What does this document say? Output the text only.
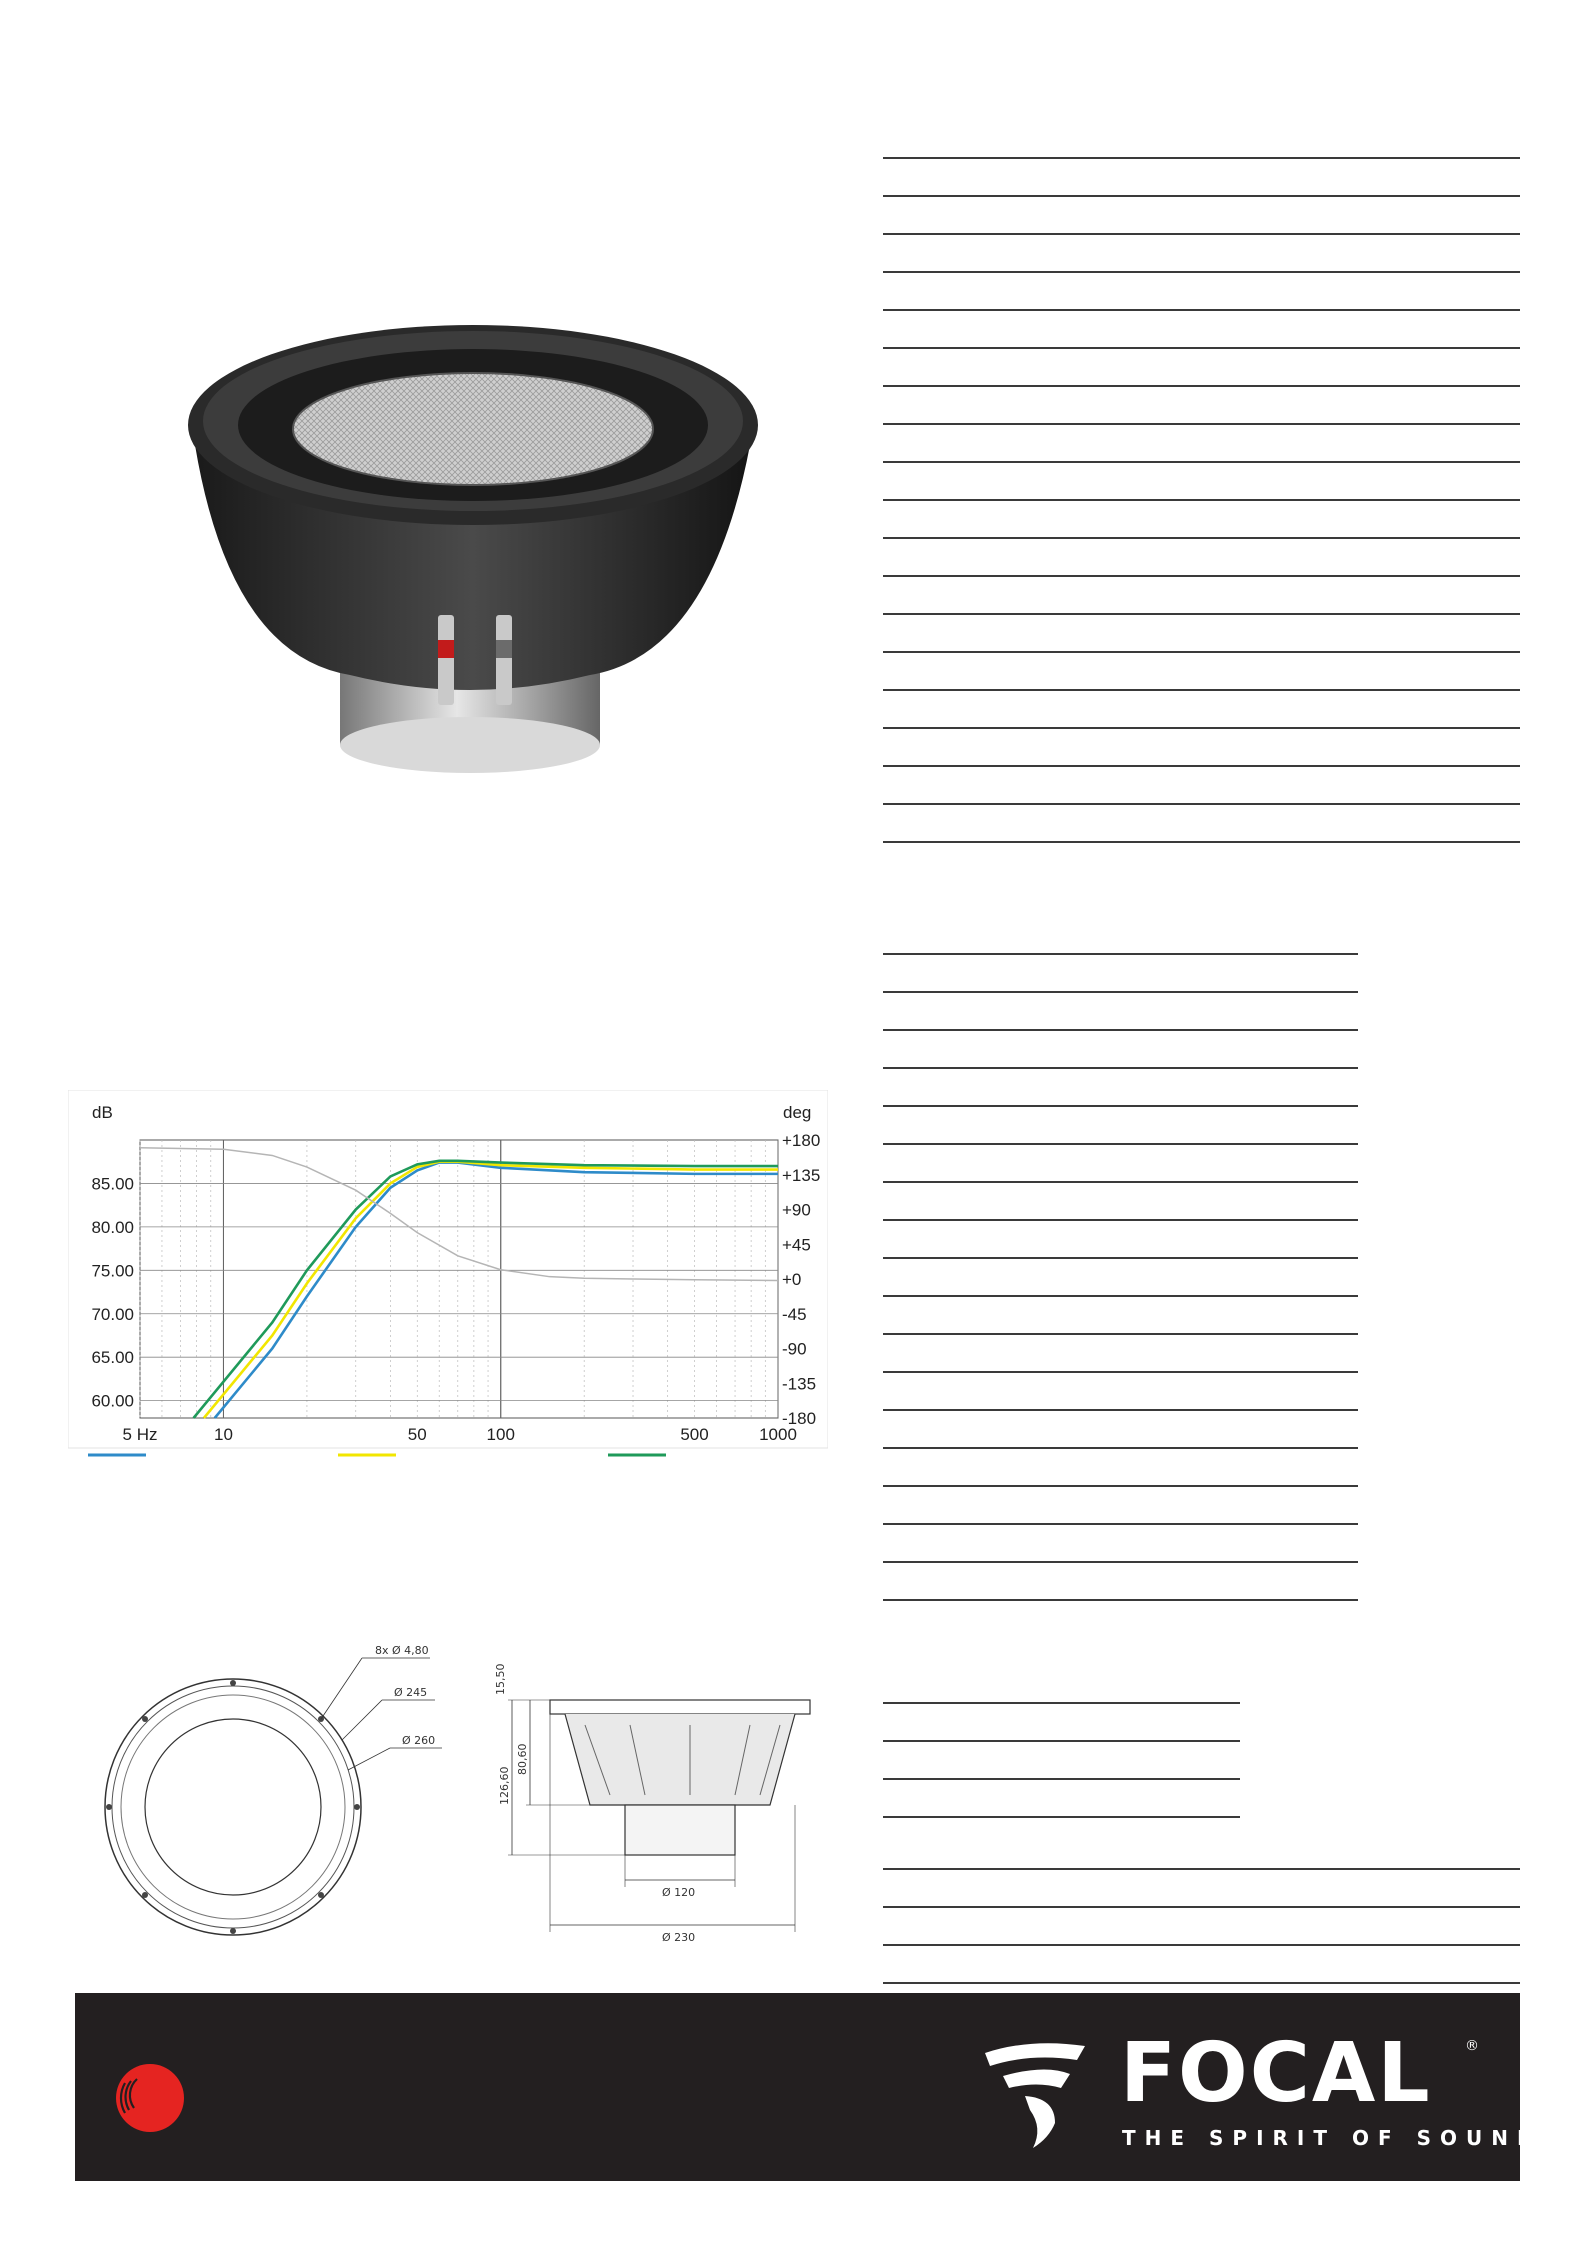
85.00
80.00
75.00
70.00
65.00
60.00
+180
+135
+90
+45
+0
-45
-90
-135
-180
5 Hz	10	50	100	500	1000
dB	deg
8x Ø 4,80
Ø 245
Ø 260
15,50
80,60
126,60
Ø 120
Ø 230
FOCAL ®
THE SPIRIT OF SOUND
